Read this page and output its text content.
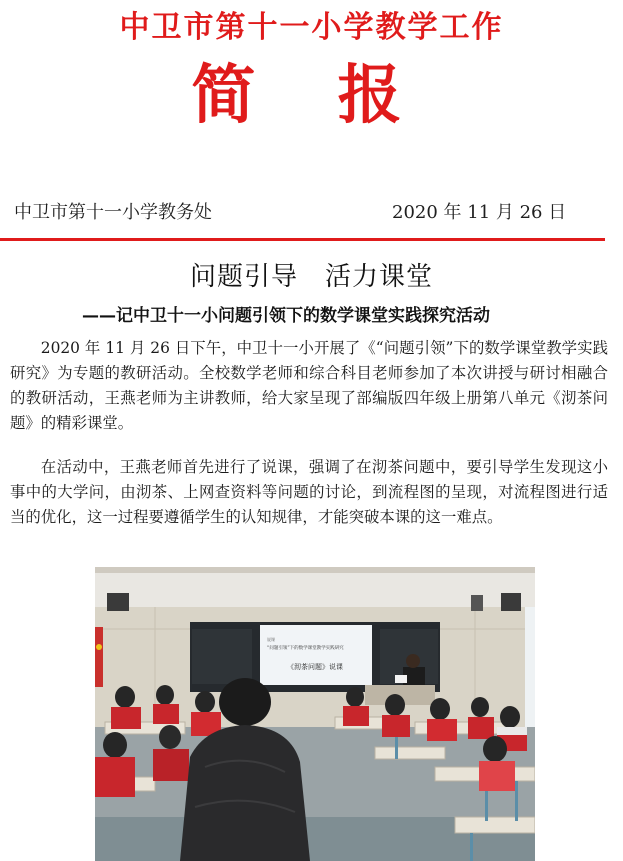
中卫市第十一小学教学工作
简 报
中卫市第十一小学教务处	2020 年 11 月 26 日
问题引导　活力课堂
——记中卫十一小问题引领下的数学课堂实践探究活动
2020 年 11 月 26 日下午，中卫十一小开展了《“问题引领”下的数学课堂教学实践研究》为专题的教研活动。全校数学老师和综合科目老师参加了本次讲授与研讨相融合的教研活动，王燕老师为主讲教师，给大家呈现了部编版四年级上册第八单元《沏茶问题》的精彩课堂。
在活动中，王燕老师首先进行了说课，强调了在沏茶问题中，要引导学生发现这小事中的大学问，由沏茶、上网查资料等问题的讨论，到流程图的呈现，对流程图进行适当的优化，这一过程要遵循学生的认知规律，才能突破本课的这一难点。
说课
“问题引领”下的数学课堂教学实践研究
《沏茶问题》说课
